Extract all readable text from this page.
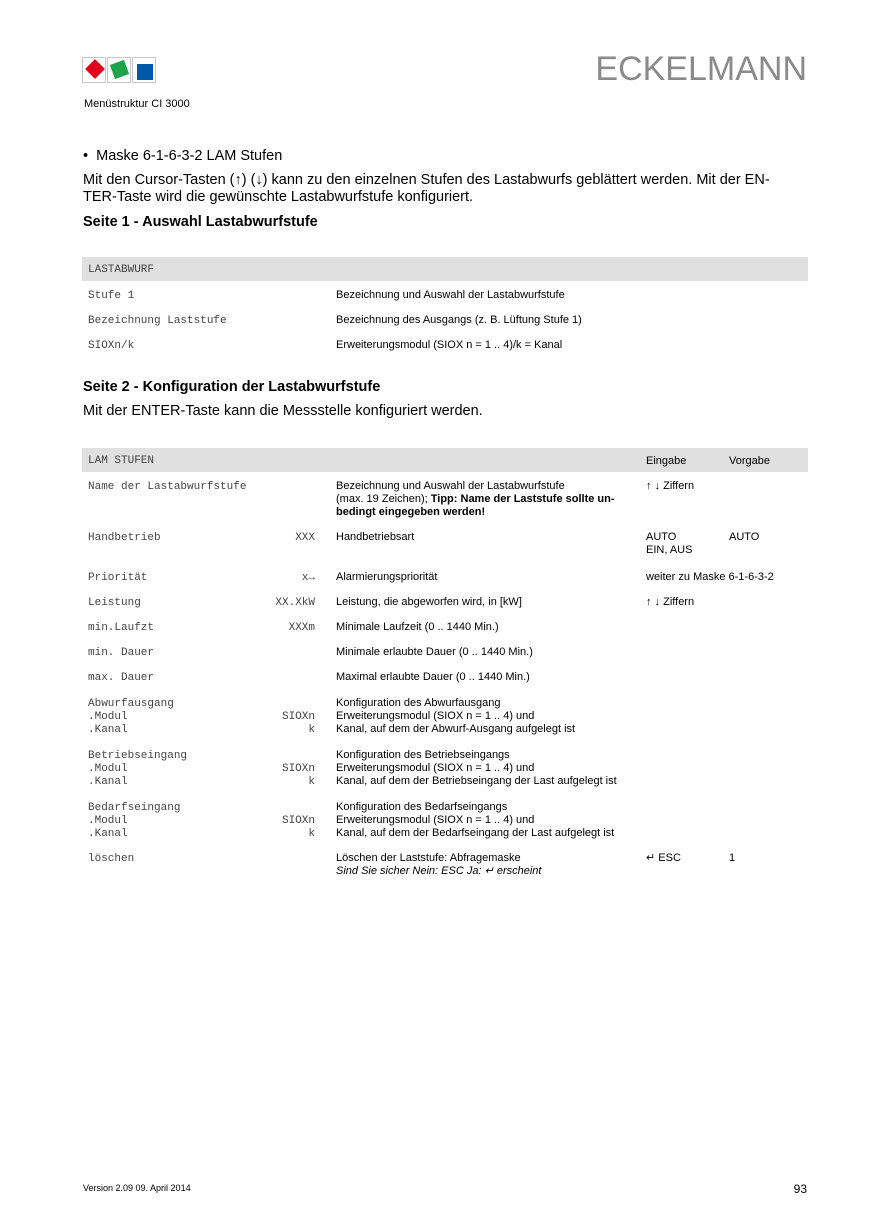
ECKELMANN
Menüstruktur CI 3000
• Maske 6-1-6-3-2 LAM Stufen
Mit den Cursor-Tasten (↑) (↓) kann zu den einzelnen Stufen des Lastabwurfs geblättert werden. Mit der EN-
TER-Taste wird die gewünschte Lastabwurfstufe konfiguriert.
Seite 1 - Auswahl Lastabwurfstufe
LASTABWURF
Stufe 1	Bezeichnung und Auswahl der Lastabwurfstufe
Bezeichnung Laststufe	Bezeichnung des Ausgangs (z. B. Lüftung Stufe 1)
SIOXn/k	Erweiterungsmodul (SIOX n = 1 .. 4)/k = Kanal
Seite 2 - Konfiguration der Lastabwurfstufe
Mit der ENTER-Taste kann die Messstelle konfiguriert werden.
LAM STUFEN	Eingabe	Vorgabe
Name der Lastabwurfstufe	Bezeichnung und Auswahl der Lastabwurfstufe
(max. 19 Zeichen); Tipp: Name der Laststufe sollte un-
bedingt eingegeben werden!
↑ ↓ Ziffern
Handbetrieb	XXX Handbetriebsart	AUTO
EIN, AUS
AUTO
Priorität	x→ Alarmierungspriorität	weiter zu Maske 6-1-6-3-2
Leistung	XX.XkW Leistung, die abgeworfen wird, in [kW]	↑ ↓ Ziffern
min.Laufzt	XXXm Minimale Laufzeit (0 .. 1440 Min.)
min. Dauer	Minimale erlaubte Dauer (0 .. 1440 Min.)
max. Dauer	Maximal erlaubte Dauer (0 .. 1440 Min.)
Abwurfausgang
.Modul
.Kanal
SIOXn
k
Konfiguration des Abwurfausgang
Erweiterungsmodul (SIOX n = 1 .. 4) und
Kanal, auf dem der Abwurf-Ausgang aufgelegt ist
Betriebseingang
.Modul
.Kanal
SIOXn
k
Konfiguration des Betriebseingangs
Erweiterungsmodul (SIOX n = 1 .. 4) und
Kanal, auf dem der Betriebseingang der Last aufgelegt ist
Bedarfseingang
.Modul
.Kanal
SIOXn
k
Konfiguration des Bedarfseingangs
Erweiterungsmodul (SIOX n = 1 .. 4) und
Kanal, auf dem der Bedarfseingang der Last aufgelegt ist
löschen	Löschen der Laststufe: Abfragemaske
Sind Sie sicher Nein: ESC Ja: ↵ erscheint
↵ ESC	1
Version 2.09 09. April 2014	93
